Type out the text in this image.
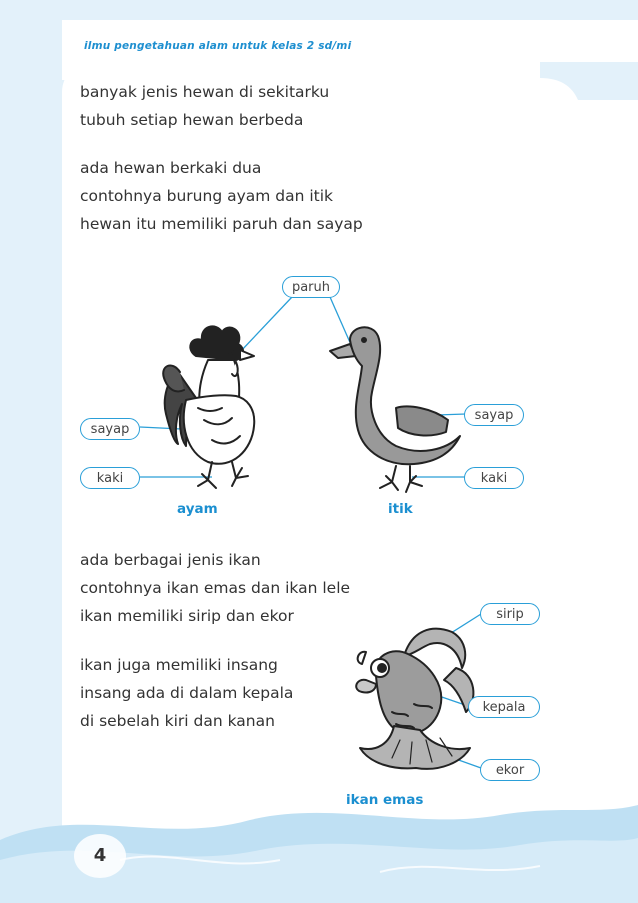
ilmu pengetahuan alam untuk kelas 2 sd/mi
banyak jenis hewan di sekitarku
tubuh setiap hewan berbeda
ada hewan berkaki dua
contohnya burung ayam dan itik
hewan itu memiliki paruh dan sayap
paruh
sayap
kaki
sayap
kaki
ayam	itik
ada berbagai jenis ikan
contohnya ikan emas dan ikan lele
ikan memiliki sirip dan ekor
ikan juga memiliki insang
insang ada di dalam kepala
di sebelah kiri dan kanan
sirip
kepala
ekor
ikan emas
4
